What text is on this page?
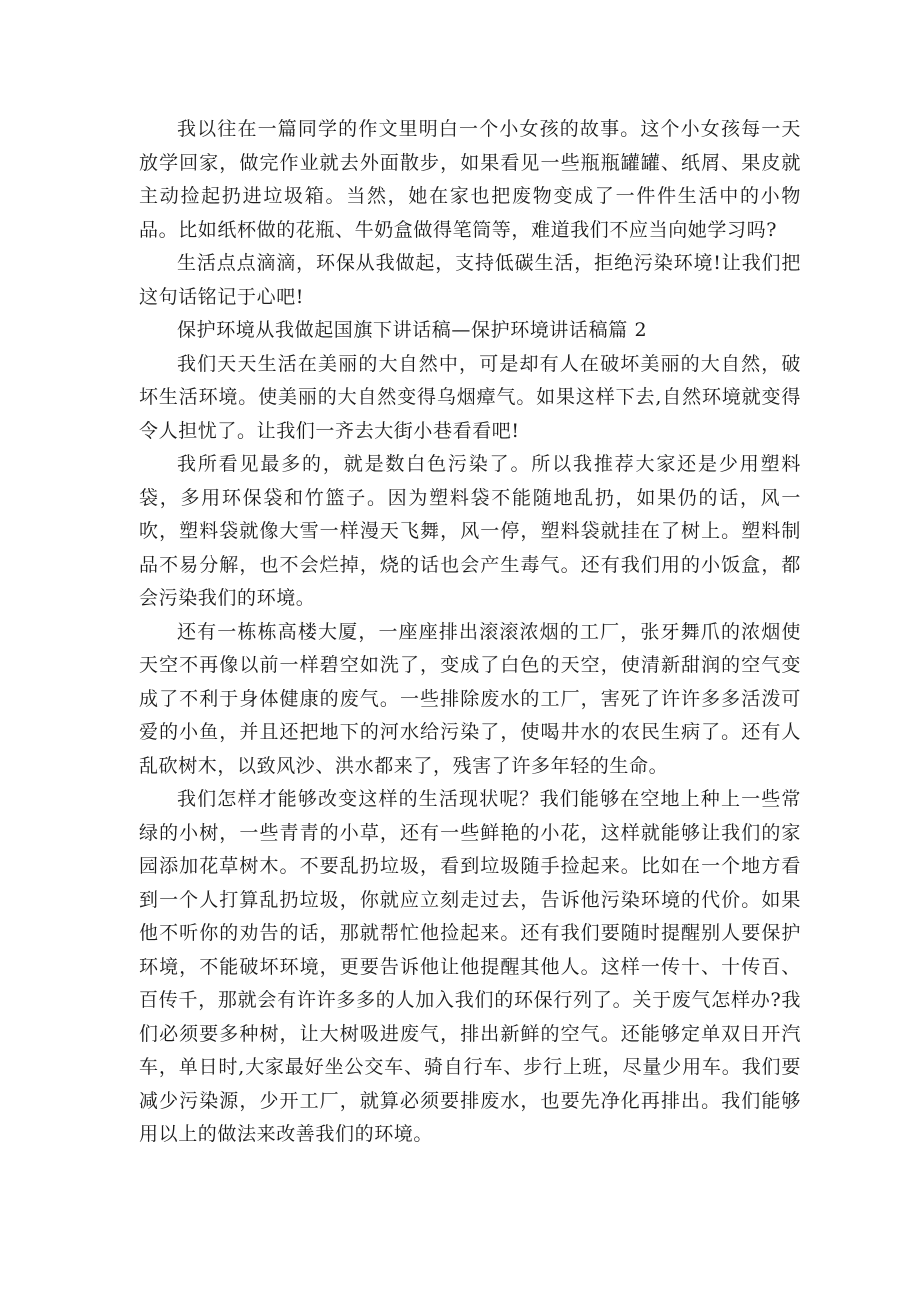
我以往在一篇同学的作文里明白一个小女孩的故事。这个小女孩每一天放学回家，做完作业就去外面散步，如果看见一些瓶瓶罐罐、纸屑、果皮就主动捡起扔进垃圾箱。当然，她在家也把废物变成了一件件生活中的小物品。比如纸杯做的花瓶、牛奶盒做得笔筒等，难道我们不应当向她学习吗?

生活点点滴滴，环保从我做起，支持低碳生活，拒绝污染环境!让我们把这句话铭记于心吧!

保护环境从我做起国旗下讲话稿—保护环境讲话稿篇 2

我们天天生活在美丽的大自然中，可是却有人在破坏美丽的大自然，破坏生活环境。使美丽的大自然变得乌烟瘴气。如果这样下去,自然环境就变得令人担忧了。让我们一齐去大街小巷看看吧!

我所看见最多的，就是数白色污染了。所以我推荐大家还是少用塑料袋，多用环保袋和竹篮子。因为塑料袋不能随地乱扔，如果仍的话，风一吹，塑料袋就像大雪一样漫天飞舞，风一停，塑料袋就挂在了树上。塑料制品不易分解，也不会烂掉，烧的话也会产生毒气。还有我们用的小饭盒，都会污染我们的环境。

还有一栋栋高楼大厦，一座座排出滚滚浓烟的工厂，张牙舞爪的浓烟使天空不再像以前一样碧空如洗了，变成了白色的天空，使清新甜润的空气变成了不利于身体健康的废气。一些排除废水的工厂，害死了许许多多活泼可爱的小鱼，并且还把地下的河水给污染了，使喝井水的农民生病了。还有人乱砍树木，以致风沙、洪水都来了，残害了许多年轻的生命。

我们怎样才能够改变这样的生活现状呢？我们能够在空地上种上一些常绿的小树，一些青青的小草，还有一些鲜艳的小花，这样就能够让我们的家园添加花草树木。不要乱扔垃圾，看到垃圾随手捡起来。比如在一个地方看到一个人打算乱扔垃圾，你就应立刻走过去，告诉他污染环境的代价。如果他不听你的劝告的话，那就帮忙他捡起来。还有我们要随时提醒别人要保护环境，不能破坏环境，更要告诉他让他提醒其他人。这样一传十、十传百、百传千，那就会有许许多多的人加入我们的环保行列了。关于废气怎样办?我们必须要多种树，让大树吸进废气，排出新鲜的空气。还能够定单双日开汽车，单日时,大家最好坐公交车、骑自行车、步行上班，尽量少用车。我们要减少污染源，少开工厂，就算必须要排废水，也要先净化再排出。我们能够用以上的做法来改善我们的环境。
